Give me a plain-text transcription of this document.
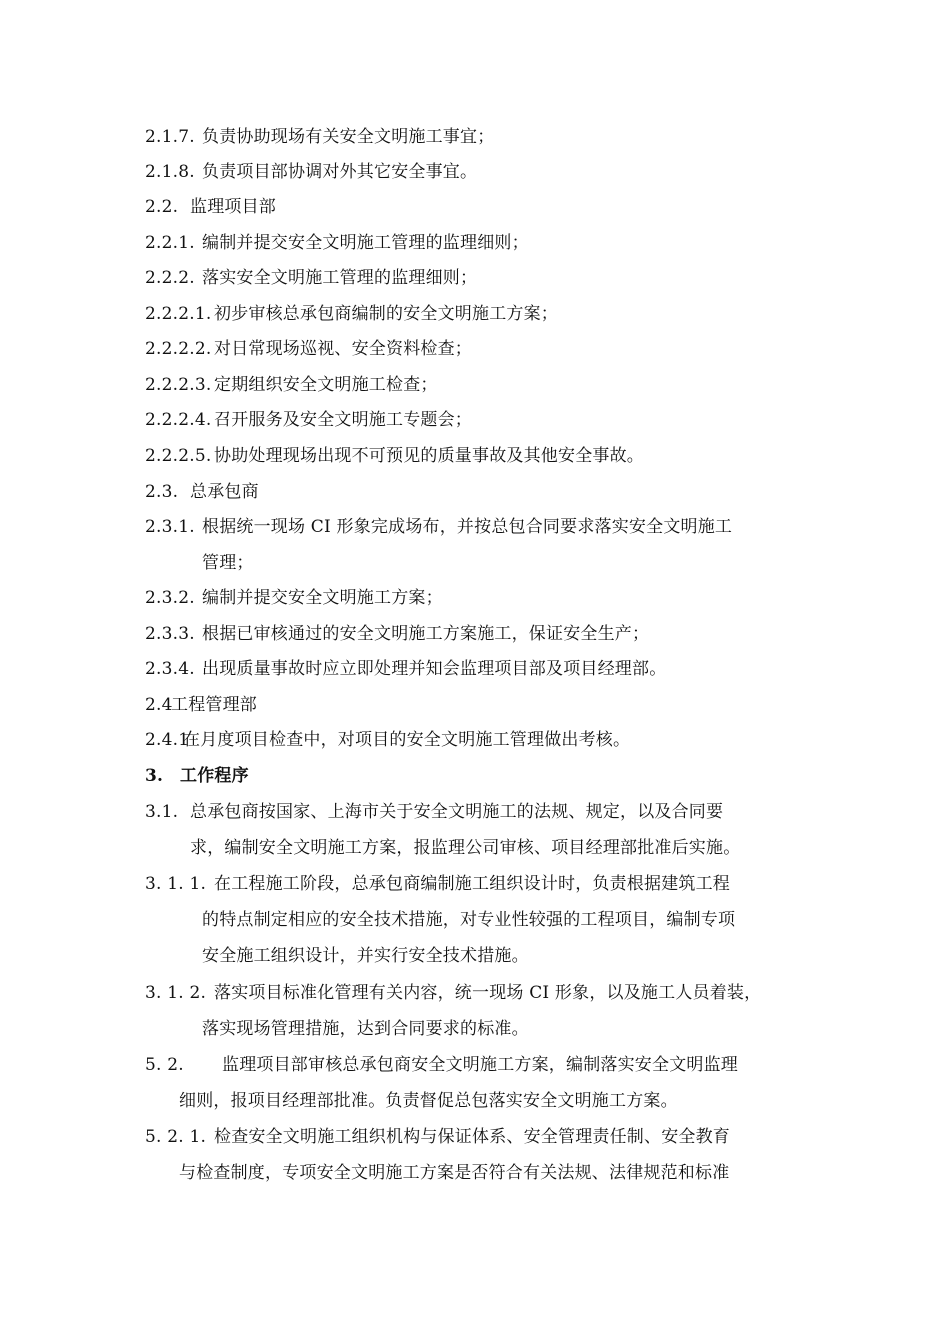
2.1.7. 负责协助现场有关安全文明施工事宜；
2.1.8. 负责项目部协调对外其它安全事宜。
2.2. 监理项目部
2.2.1. 编制并提交安全文明施工管理的监理细则；
2.2.2. 落实安全文明施工管理的监理细则；
2.2.2.1. 初步审核总承包商编制的安全文明施工方案；
2.2.2.2. 对日常现场巡视、安全资料检查；
2.2.2.3. 定期组织安全文明施工检查；
2.2.2.4. 召开服务及安全文明施工专题会；
2.2.2.5. 协助处理现场出现不可预见的质量事故及其他安全事故。
2.3. 总承包商
2.3.1. 根据统一现场 CI 形象完成场布，并按总包合同要求落实安全文明施工
管理；
2.3.2. 编制并提交安全文明施工方案；
2.3.3. 根据已审核通过的安全文明施工方案施工，保证安全生产；
2.3.4. 出现质量事故时应立即处理并知会监理项目部及项目经理部。
2.4工程管理部
2.4.1在月度项目检查中，对项目的安全文明施工管理做出考核。
3. 工作程序
3.1. 总承包商按国家、上海市关于安全文明施工的法规、规定，以及合同要
求，编制安全文明施工方案，报监理公司审核、项目经理部批准后实施。
3. 1. 1. 在工程施工阶段，总承包商编制施工组织设计时，负责根据建筑工程
的特点制定相应的安全技术措施，对专业性较强的工程项目，编制专项
安全施工组织设计，并实行安全技术措施。
3. 1. 2. 落实项目标准化管理有关内容，统一现场 CI 形象，以及施工人员着装，
落实现场管理措施，达到合同要求的标准。
5. 2. 监理项目部审核总承包商安全文明施工方案，编制落实安全文明监理
细则，报项目经理部批准。负责督促总包落实安全文明施工方案。
5. 2. 1. 检查安全文明施工组织机构与保证体系、安全管理责任制、安全教育
与检查制度，专项安全文明施工方案是否符合有关法规、法律规范和标准
